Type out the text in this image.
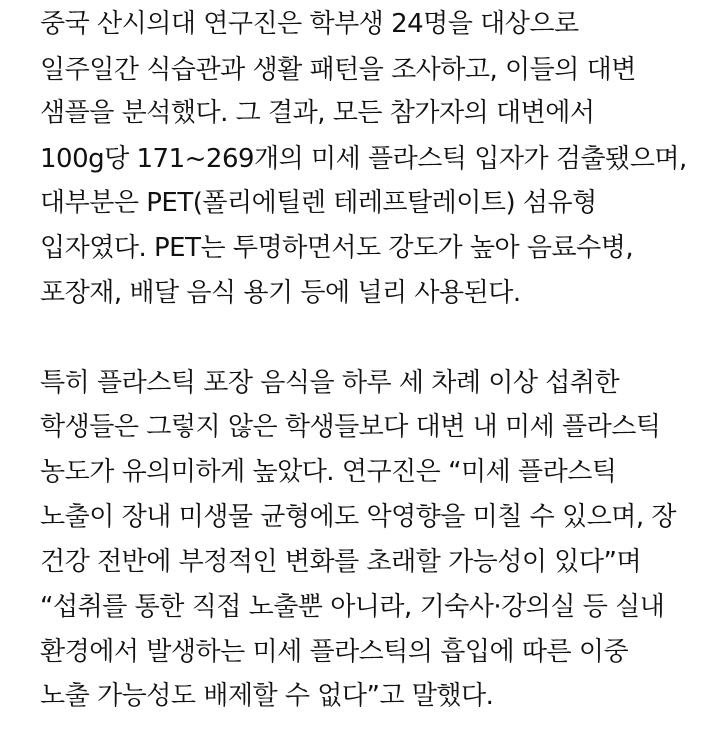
중국 산시의대 연구진은 학부생 24명을 대상으로
일주일간 식습관과 생활 패턴을 조사하고, 이들의 대변
샘플을 분석했다. 그 결과, 모든 참가자의 대변에서
100g당 171~269개의 미세 플라스틱 입자가 검출됐으며,
대부분은 PET(폴리에틸렌 테레프탈레이트) 섬유형
입자였다. PET는 투명하면서도 강도가 높아 음료수병,
포장재, 배달 음식 용기 등에 널리 사용된다.
특히 플라스틱 포장 음식을 하루 세 차례 이상 섭취한
학생들은 그렇지 않은 학생들보다 대변 내 미세 플라스틱
농도가 유의미하게 높았다. 연구진은 “미세 플라스틱
노출이 장내 미생물 균형에도 악영향을 미칠 수 있으며, 장
건강 전반에 부정적인 변화를 초래할 가능성이 있다”며
“섭취를 통한 직접 노출뿐 아니라, 기숙사·강의실 등 실내
환경에서 발생하는 미세 플라스틱의 흡입에 따른 이중
노출 가능성도 배제할 수 없다”고 말했다.
